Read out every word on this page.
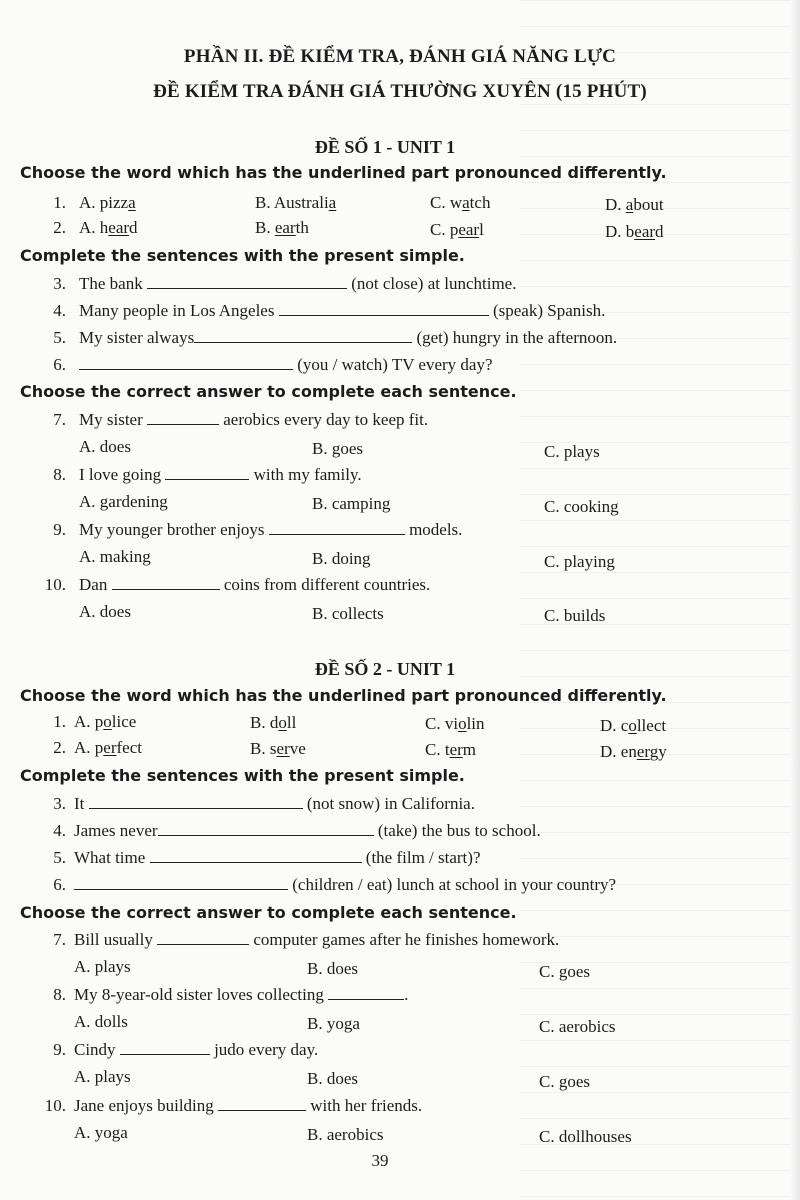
PHẦN II. ĐỀ KIỂM TRA, ĐÁNH GIÁ NĂNG LỰC
ĐỀ KIỂM TRA ĐÁNH GIÁ THƯỜNG XUYÊN (15 PHÚT)
ĐỀ SỐ 1 - UNIT 1
Choose the word which has the underlined part pronounced differently.
1. A. pizza	B. Australia	C. watch	D. about
2. A. heard	B. earth	C. pearl	D. beard
Complete the sentences with the present simple.
3. The bank	(not close) at lunchtime.
4. Many people in Los Angeles	(speak) Spanish.
5. My sister always	(get) hungry in the afternoon.
6.	(you / watch) TV every day?
Choose the correct answer to complete each sentence.
7. My sister	aerobics every day to keep fit.
A. does	B. goes	C. plays
8. I love going	with my family.
A. gardening	B. camping	C. cooking
9. My younger brother enjoys	models.
A. making	B. doing	C. playing
10. Dan	coins from different countries.
A. does	B. collects	C. builds
ĐỀ SỐ 2 - UNIT 1
Choose the word which has the underlined part pronounced differently.
1. A. police	B. doll	C. violin	D. collect
2. A. perfect	B. serve	C. term	D. energy
Complete the sentences with the present simple.
3. It	(not snow) in California.
4. James never	(take) the bus to school.
5. What time	(the film / start)?
6.	(children / eat) lunch at school in your country?
Choose the correct answer to complete each sentence.
7. Bill usually	computer games after he finishes homework.
A. plays	B. does	C. goes
8. My 8-year-old sister loves collecting	.
A. dolls	B. yoga	C. aerobics
9. Cindy	judo every day.
A. plays	B. does	C. goes
10. Jane enjoys building	with her friends.
A. yoga	B. aerobics	C. dollhouses
39
